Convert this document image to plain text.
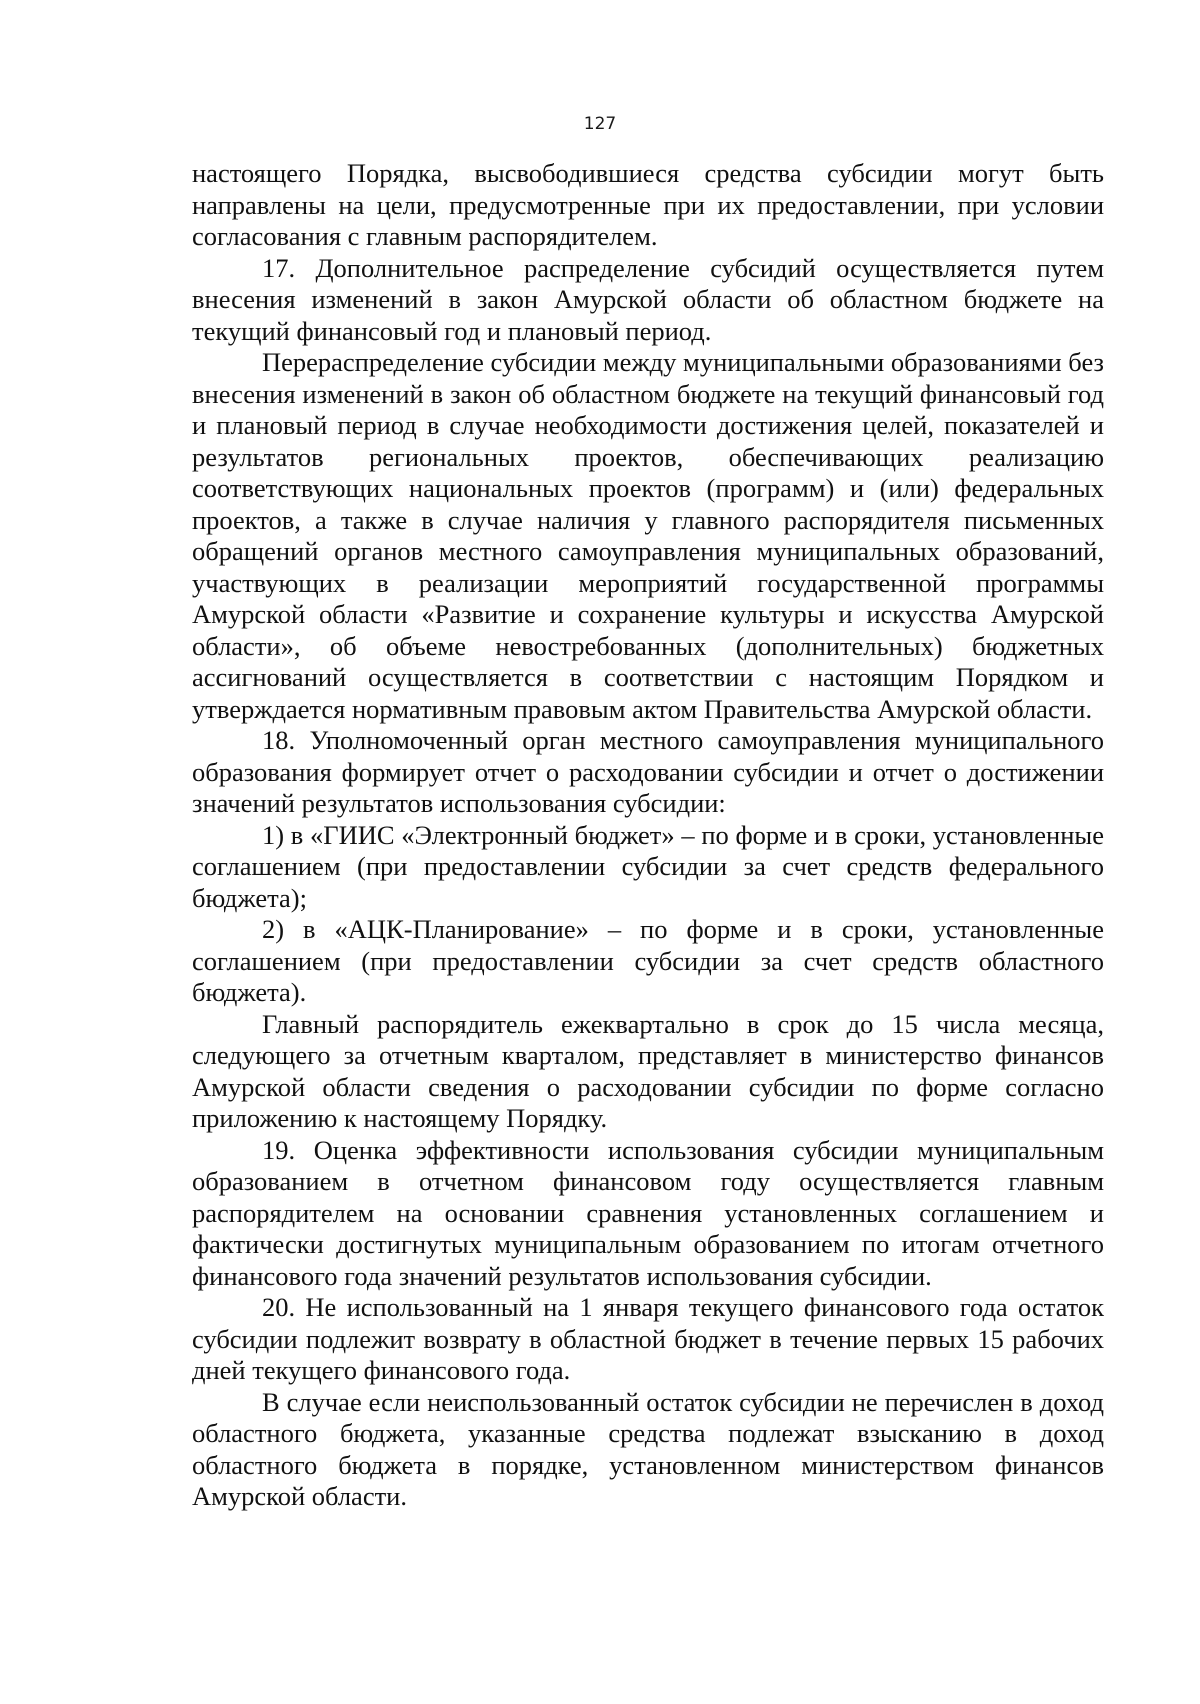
127

настоящего Порядка, высвободившиеся средства субсидии могут быть направлены на цели, предусмотренные при их предоставлении, при условии согласования с главным распорядителем.

17. Дополнительное распределение субсидий осуществляется путем внесения изменений в закон Амурской области об областном бюджете на текущий финансовый год и плановый период.

Перераспределение субсидии между муниципальными образованиями без внесения изменений в закон об областном бюджете на текущий финансовый год и плановый период в случае необходимости достижения целей, показателей и результатов региональных проектов, обеспечивающих реализацию соответствующих национальных проектов (программ) и (или) федеральных проектов, а также в случае наличия у главного распорядителя письменных обращений органов местного самоуправления муниципальных образований, участвующих в реализации мероприятий государственной программы Амурской области «Развитие и сохранение культуры и искусства Амурской области», об объеме невостребованных (дополнительных) бюджетных ассигнований осуществляется в соответствии с настоящим Порядком и утверждается нормативным правовым актом Правительства Амурской области.

18. Уполномоченный орган местного самоуправления муниципального образования формирует отчет о расходовании субсидии и отчет о достижении значений результатов использования субсидии:

1) в «ГИИС «Электронный бюджет» – по форме и в сроки, установленные соглашением (при предоставлении субсидии за счет средств федерального бюджета);

2) в «АЦК-Планирование» – по форме и в сроки, установленные соглашением (при предоставлении субсидии за счет средств областного бюджета).

Главный распорядитель ежеквартально в срок до 15 числа месяца, следующего за отчетным кварталом, представляет в министерство финансов Амурской области сведения о расходовании субсидии по форме согласно приложению к настоящему Порядку.

19. Оценка эффективности использования субсидии муниципальным образованием в отчетном финансовом году осуществляется главным распорядителем на основании сравнения установленных соглашением и фактически достигнутых муниципальным образованием по итогам отчетного финансового года значений результатов использования субсидии.

20. Не использованный на 1 января текущего финансового года остаток субсидии подлежит возврату в областной бюджет в течение первых 15 рабочих дней текущего финансового года.

В случае если неиспользованный остаток субсидии не перечислен в доход областного бюджета, указанные средства подлежат взысканию в доход областного бюджета в порядке, установленном министерством финансов Амурской области.
